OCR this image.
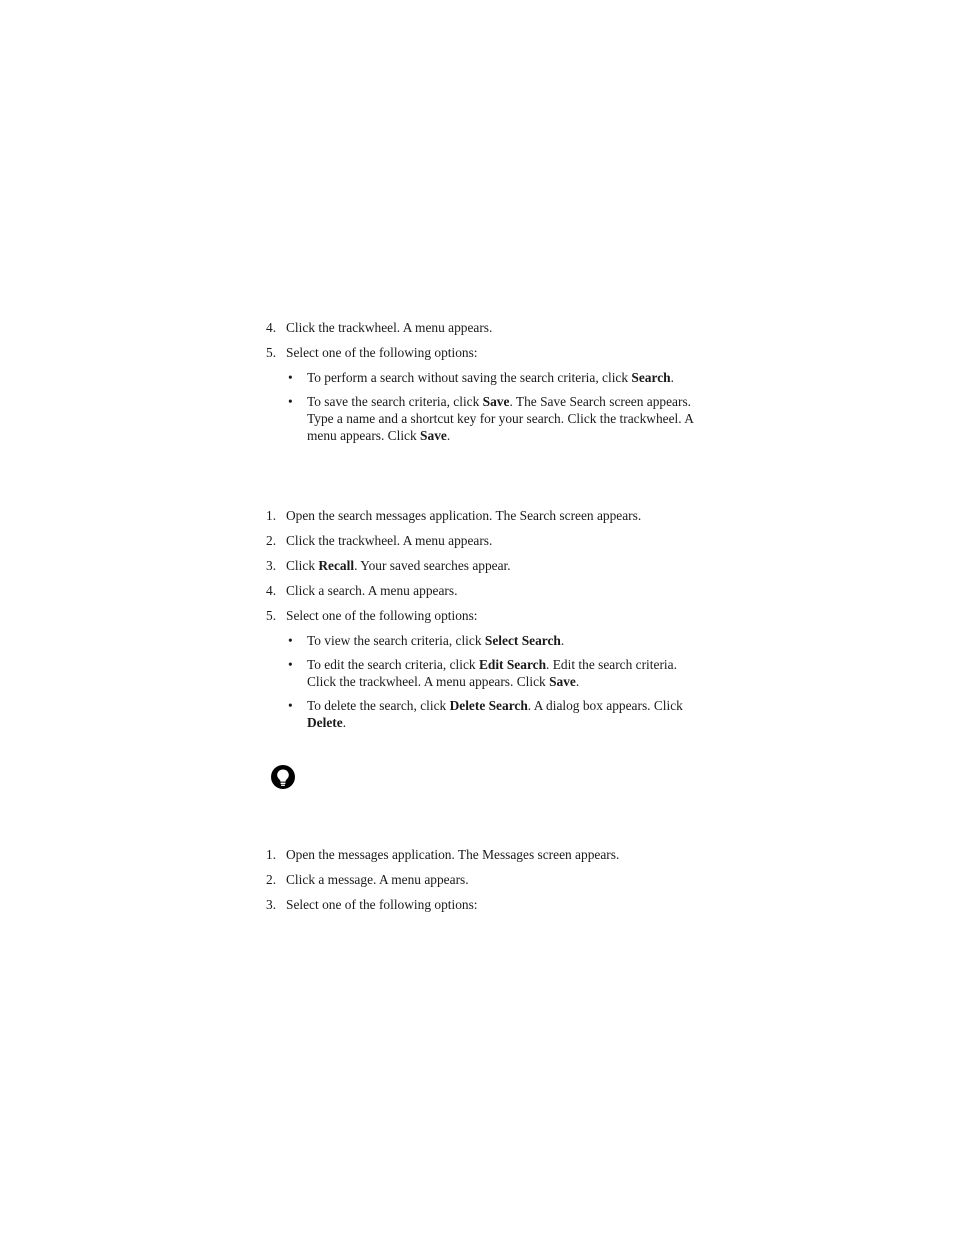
4. Click the trackwheel. A menu appears.
5. Select one of the following options:
• To perform a search without saving the search criteria, click Search.
• To save the search criteria, click Save. The Save Search screen appears. Type a name and a shortcut key for your search. Click the trackwheel. A menu appears. Click Save.
1. Open the search messages application. The Search screen appears.
2. Click the trackwheel. A menu appears.
3. Click Recall. Your saved searches appear.
4. Click a search. A menu appears.
5. Select one of the following options:
• To view the search criteria, click Select Search.
• To edit the search criteria, click Edit Search. Edit the search criteria. Click the trackwheel. A menu appears. Click Save.
• To delete the search, click Delete Search. A dialog box appears. Click Delete.
1. Open the messages application. The Messages screen appears.
2. Click a message. A menu appears.
3. Select one of the following options:
